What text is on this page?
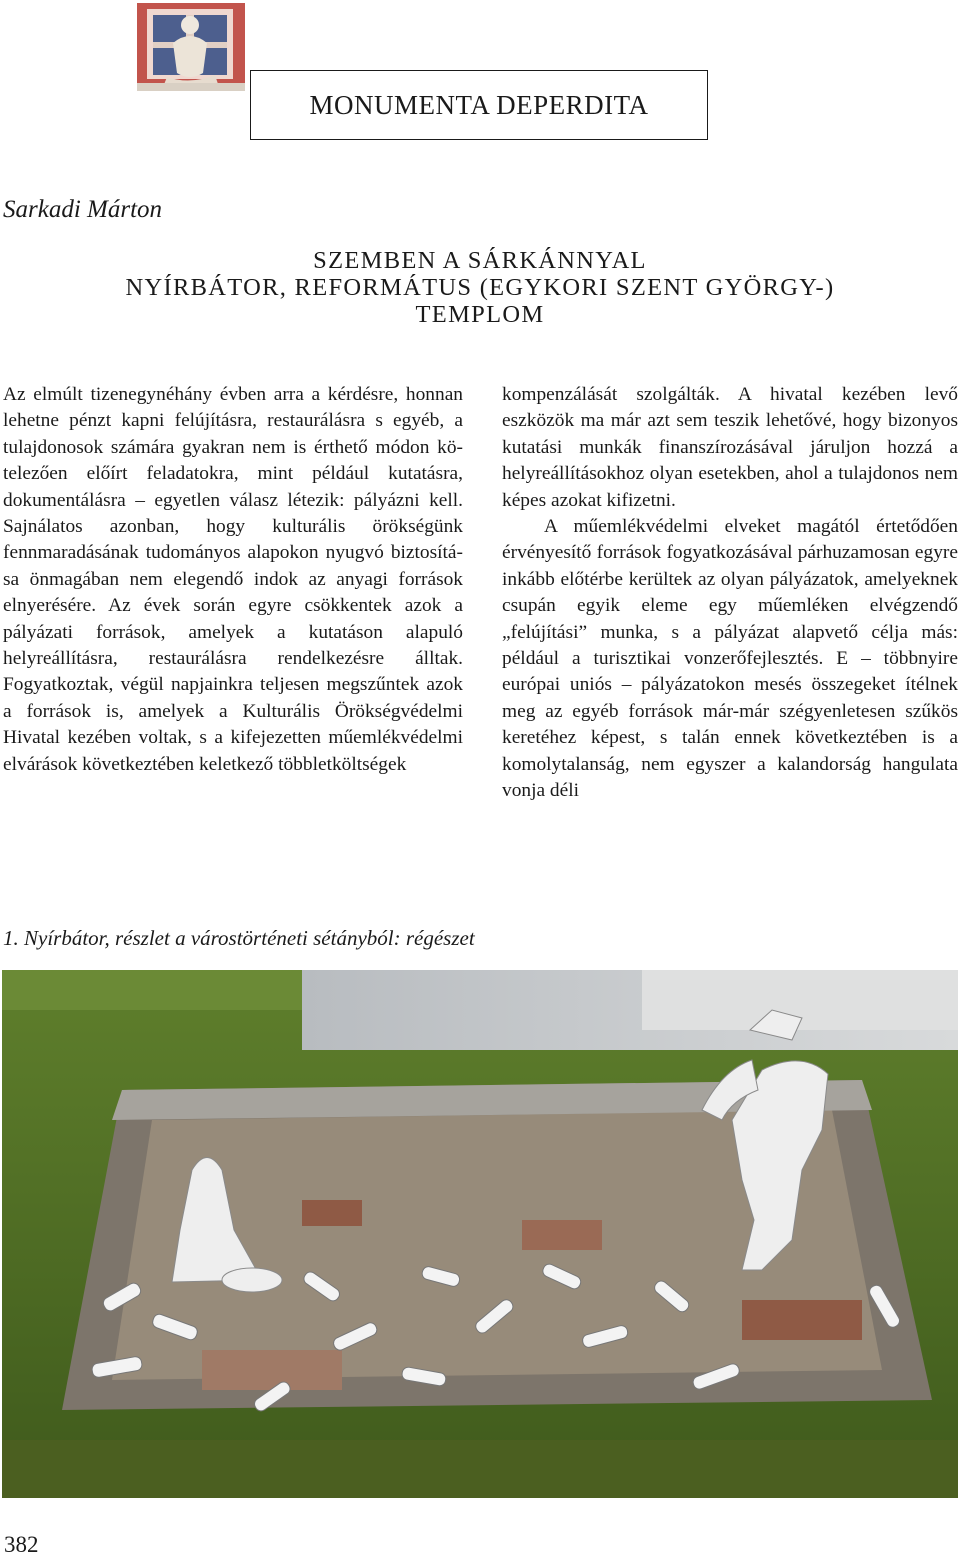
MONUMENTA DEPERDITA
Sarkadi Márton
SZEMBEN A SÁRKÁNNYAL
NYÍRBÁTOR, REFORMÁTUS (EGYKORI SZENT GYÖRGY-)
TEMPLOM

Az elmúlt tizenegynéhány évben arra a kérdésre, honnan lehetne pénzt kapni felújításra, restaurálásra s egyéb, a tulajdonosok számára gyakran nem is érthető módon kötelezően előírt feladatokra, mint például kutatásra, dokumentálásra – egyetlen válasz létezik: pályázni kell. Sajnálatos azonban, hogy kulturális örökségünk fennmaradásának tudományos alapokon nyugvó biztosítása önmagában nem elegendő indok az anyagi források elnyerésére. Az évek során egyre csökkentek azok a pályázati források, amelyek a kutatáson alapuló helyreállításra, restaurálásra rendelkezésre álltak. Fogyatkoztak, végül napjainkra teljesen megszűntek azok a források is, amelyek a Kulturális Örökségvédelmi Hivatal kezében voltak, s a kifejezetten műemlékvédelmi elvárások következtében keletkező többletköltségek

kompenzálását szolgálták. A hivatal kezében levő eszközök ma már azt sem teszik lehetővé, hogy bizonyos kutatási munkák finanszírozásával járuljon hozzá a helyreállításokhoz olyan esetekben, ahol a tulajdonos nem képes azokat kifizetni.

A műemlékvédelmi elveket magától értetődően érvényesítő források fogyatkozásával párhuzamosan egyre inkább előtérbe kerültek az olyan pályázatok, amelyeknek csupán egyik eleme egy műemléken elvégzendő „felújítási” munka, s a pályázat alapvető célja más: például a turisztikai vonzerőfejlesztés. E – többnyire európai uniós – pályázatokon mesés összegeket ítélnek meg az egyéb források már-már szégyenletesen szűkös keretéhez képest, s talán ennek következtében is a komolytalanság, nem egyszer a kalandorság hangulata vonja déli

1. Nyírbátor, részlet a várostörténeti sétányból: régészet
382
